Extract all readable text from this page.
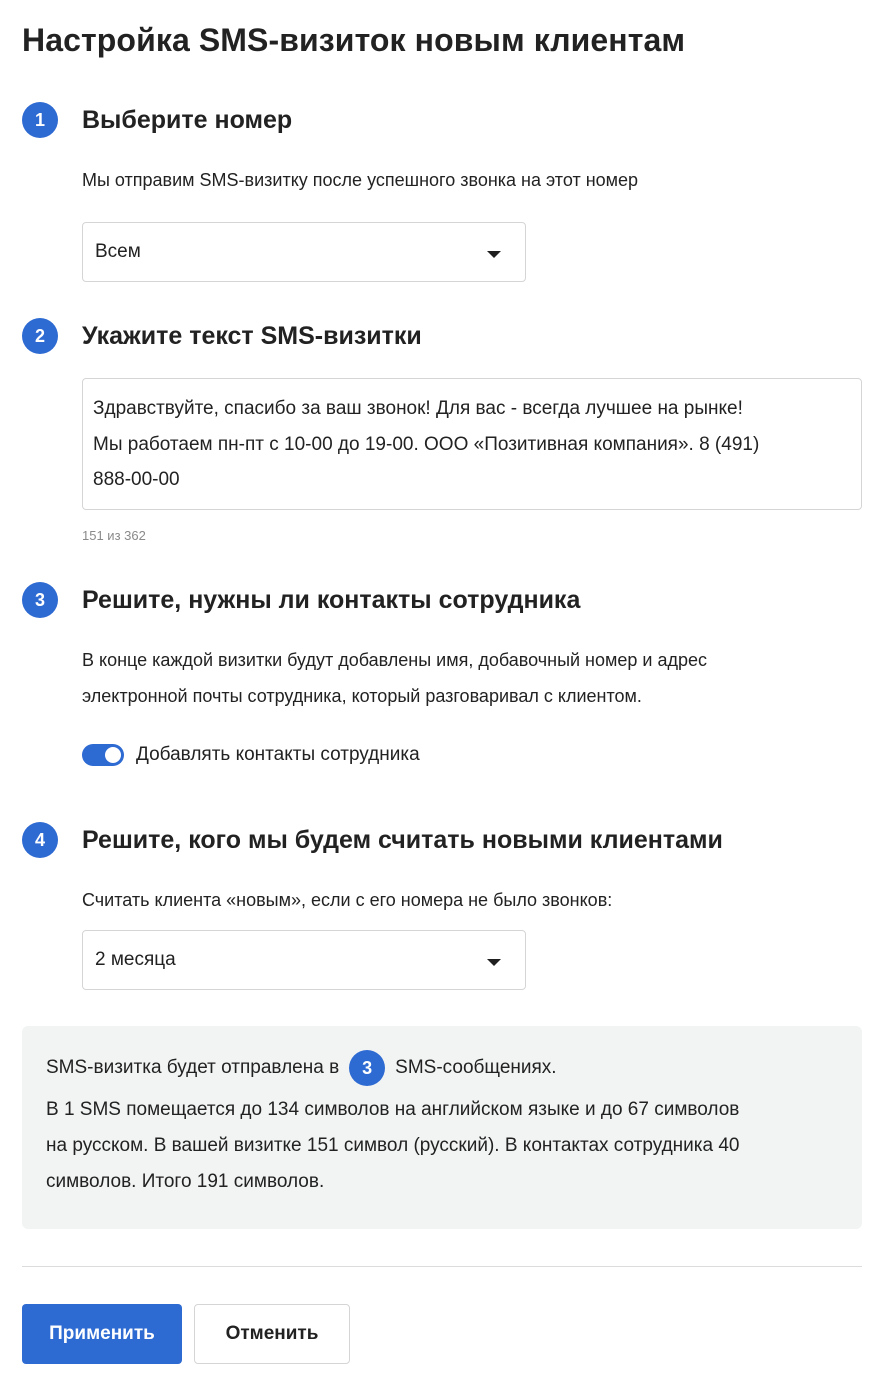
Настройка SMS-визиток новым клиентам
1	Выберите номер

Мы отправим SMS-визитку после успешного звонка на этот номер

Всем
2	Укажите текст SMS-визитки
Здравствуйте, спасибо за ваш звонок! Для вас - всегда лучшее на рынке!
Мы работаем пн-пт с 10-00 до 19-00. ООО «Позитивная компания». 8 (491)
888-00-00
151 из 362
3	Решите, нужны ли контакты сотрудника

В конце каждой визитки будут добавлены имя, добавочный номер и адрес

электронной почты сотрудника, который разговаривал с клиентом.

Добавлять контакты сотрудника
4	Решите, кого мы будем считать новыми клиентами

Считать клиента «новым», если с его номера не было звонков:

2 месяца
SMS-визитка будет отправлена в	3	SMS-сообщениях.
В 1 SMS помещается до 134 символов на английском языке и до 67 символов
на русском. В вашей визитке 151 символ (русский). В контактах сотрудника 40
символов. Итого 191 символов.
Применить	Отменить
